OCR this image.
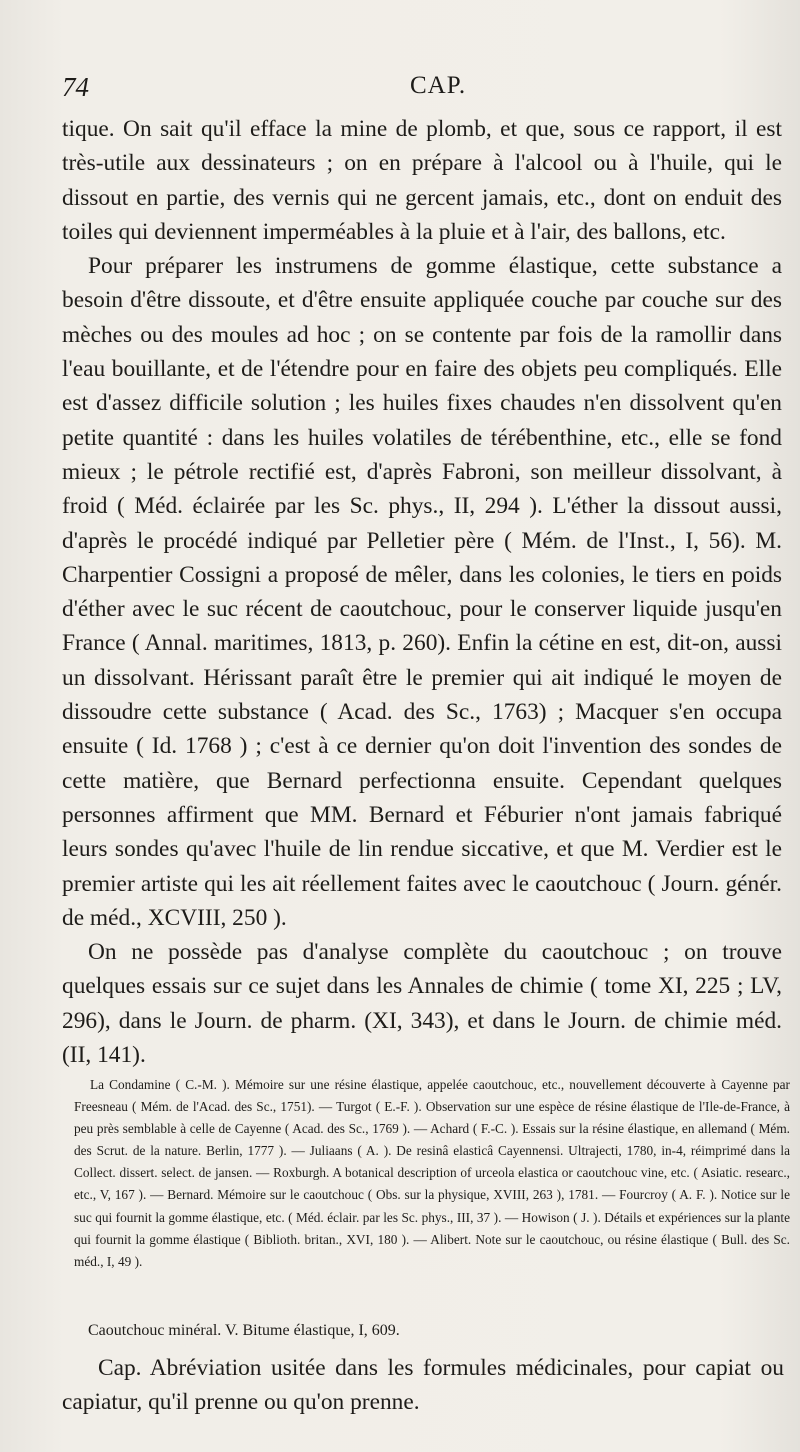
74	CAP.

tique. On sait qu'il efface la mine de plomb, et que, sous ce rapport, il est très-utile aux dessinateurs ; on en prépare à l'alcool ou à l'huile, qui le dissout en partie, des vernis qui ne gercent jamais, etc., dont on enduit des toiles qui deviennent imperméables à la pluie et à l'air, des ballons, etc.

Pour préparer les instrumens de gomme élastique, cette substance a besoin d'être dissoute, et d'être ensuite appliquée couche par couche sur des mèches ou des moules ad hoc ; on se contente par fois de la ramollir dans l'eau bouillante, et de l'étendre pour en faire des objets peu compliqués. Elle est d'assez difficile solution ; les huiles fixes chaudes n'en dissolvent qu'en petite quantité : dans les huiles volatiles de térébenthine, etc., elle se fond mieux ; le pétrole rectifié est, d'après Fabroni, son meilleur dissolvant, à froid ( Méd. éclairée par les Sc. phys., II, 294 ). L'éther la dissout aussi, d'après le procédé indiqué par Pelletier père ( Mém. de l'Inst., I, 56). M. Charpentier Cossigni a proposé de mêler, dans les colonies, le tiers en poids d'éther avec le suc récent de caoutchouc, pour le conserver liquide jusqu'en France ( Annal. maritimes, 1813, p. 260). Enfin la cétine en est, dit-on, aussi un dissolvant. Hérissant paraît être le premier qui ait indiqué le moyen de dissoudre cette substance ( Acad. des Sc., 1763) ; Macquer s'en occupa ensuite ( Id. 1768 ) ; c'est à ce dernier qu'on doit l'invention des sondes de cette matière, que Bernard perfectionna ensuite. Cependant quelques personnes affirment que MM. Bernard et Féburier n'ont jamais fabriqué leurs sondes qu'avec l'huile de lin rendue siccative, et que M. Verdier est le premier artiste qui les ait réellement faites avec le caoutchouc ( Journ. génér. de méd., XCVIII, 250 ).

On ne possède pas d'analyse complète du caoutchouc ; on trouve quelques essais sur ce sujet dans les Annales de chimie ( tome XI, 225 ; LV, 296), dans le Journ. de pharm. (XI, 343), et dans le Journ. de chimie méd. (II, 141).

La Condamine ( C.-M. ). Mémoire sur une résine élastique, appelée caoutchouc, etc., nouvellement découverte à Cayenne par Freesneau ( Mém. de l'Acad. des Sc., 1751). — Turgot ( E.-F. ). Observation sur une espèce de résine élastique de l'Ile-de-France, à peu près semblable à celle de Cayenne ( Acad. des Sc., 1769 ). — Achard ( F.-C. ). Essais sur la résine élastique, en allemand ( Mém. des Scrut. de la nature. Berlin, 1777 ). — Juliaans ( A. ). De resinâ elasticâ Cayennensi. Ultrajecti, 1780, in-4, réimprimé dans la Collect. dissert. select. de jansen. — Roxburgh. A botanical description of urceola elastica or caoutchouc vine, etc. ( Asiatic. researc., etc., V, 167 ). — Bernard. Mémoire sur le caoutchouc ( Obs. sur la physique, XVIII, 263 ), 1781. — Fourcroy ( A. F. ). Notice sur le suc qui fournit la gomme élastique, etc. ( Méd. éclair. par les Sc. phys., III, 37 ). — Howison ( J. ). Détails et expériences sur la plante qui fournit la gomme élastique ( Biblioth. britan., XVI, 180 ). — Alibert. Note sur le caoutchouc, ou résine élastique ( Bull. des Sc. méd., I, 49 ).

Caoutchouc minéral. V. Bitume élastique, I, 609.

Cap. Abréviation usitée dans les formules médicinales, pour capiat ou capiatur, qu'il prenne ou qu'on prenne.
